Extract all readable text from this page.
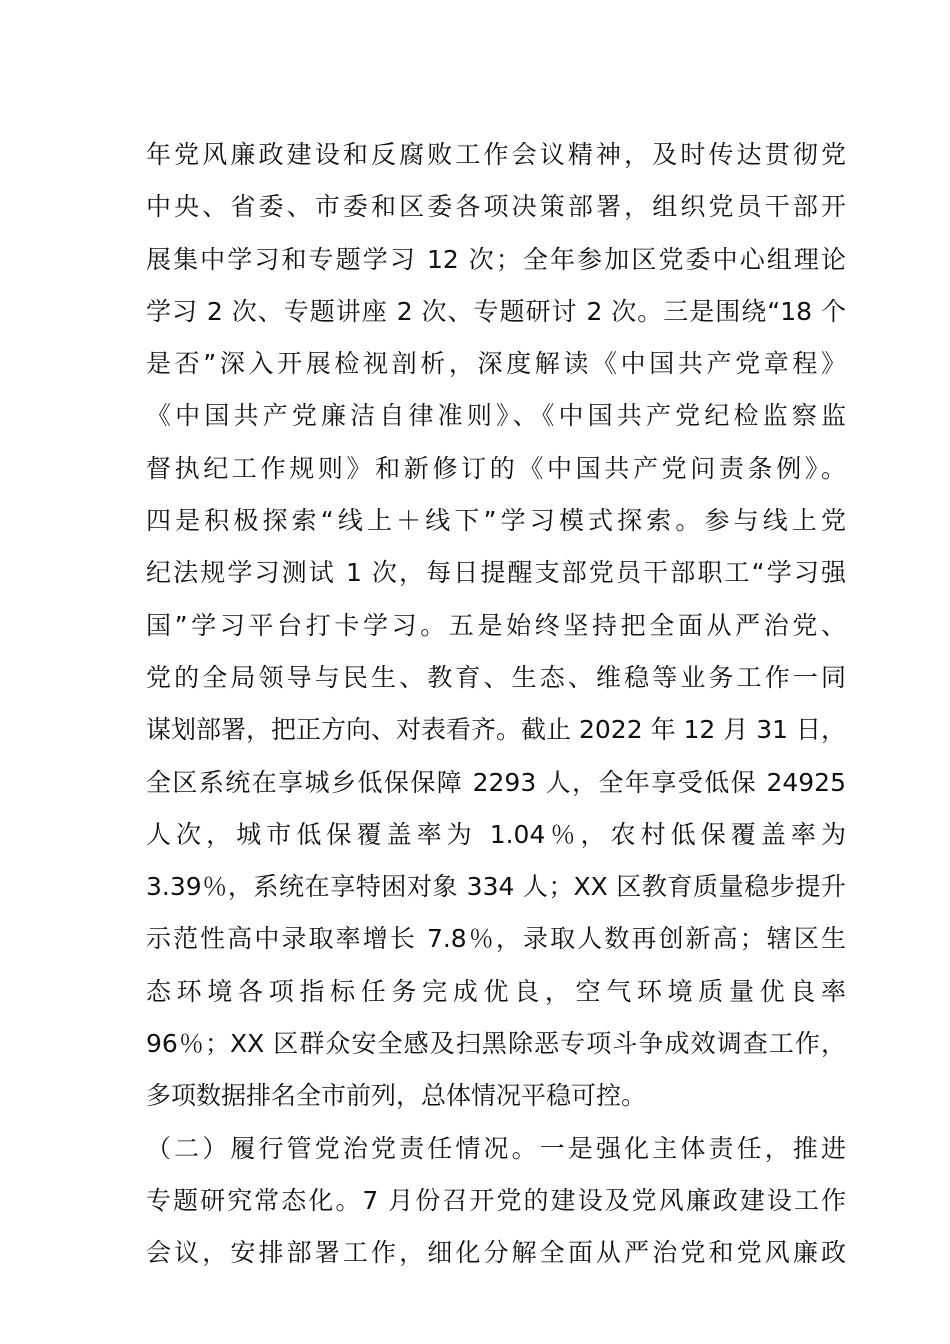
年党风廉政建设和反腐败工作会议精神，及时传达贯彻党
中央、省委、市委和区委各项决策部署，组织党员干部开
展集中学习和专题学习 12 次；全年参加区党委中心组理论
学习 2 次、专题讲座 2 次、专题研讨 2 次。三是围绕“18 个
是否”深入开展检视剖析，深度解读《中国共产党章程》
《中国共产党廉洁自律准则》、《中国共产党纪检监察监
督执纪工作规则》和新修订的《中国共产党问责条例》。
四是积极探索“线上＋线下”学习模式探索。参与线上党
纪法规学习测试 1 次，每日提醒支部党员干部职工“学习强
国”学习平台打卡学习。五是始终坚持把全面从严治党、
党的全局领导与民生、教育、生态、维稳等业务工作一同
谋划部署，把正方向、对表看齐。截止 2022 年 12 月 31 日，
全区系统在享城乡低保保障 2293 人，全年享受低保 24925
人次，城市低保覆盖率为 1.04％，农村低保覆盖率为
3.39％，系统在享特困对象 334 人；XX 区教育质量稳步提升
示范性高中录取率增长 7.8％，录取人数再创新高；辖区生
态环境各项指标任务完成优良，空气环境质量优良率
96％；XX 区群众安全感及扫黑除恶专项斗争成效调查工作，
多项数据排名全市前列，总体情况平稳可控。
（二）履行管党治党责任情况。一是强化主体责任，推进
专题研究常态化。7 月份召开党的建设及党风廉政建设工作
会议，安排部署工作，细化分解全面从严治党和党风廉政
